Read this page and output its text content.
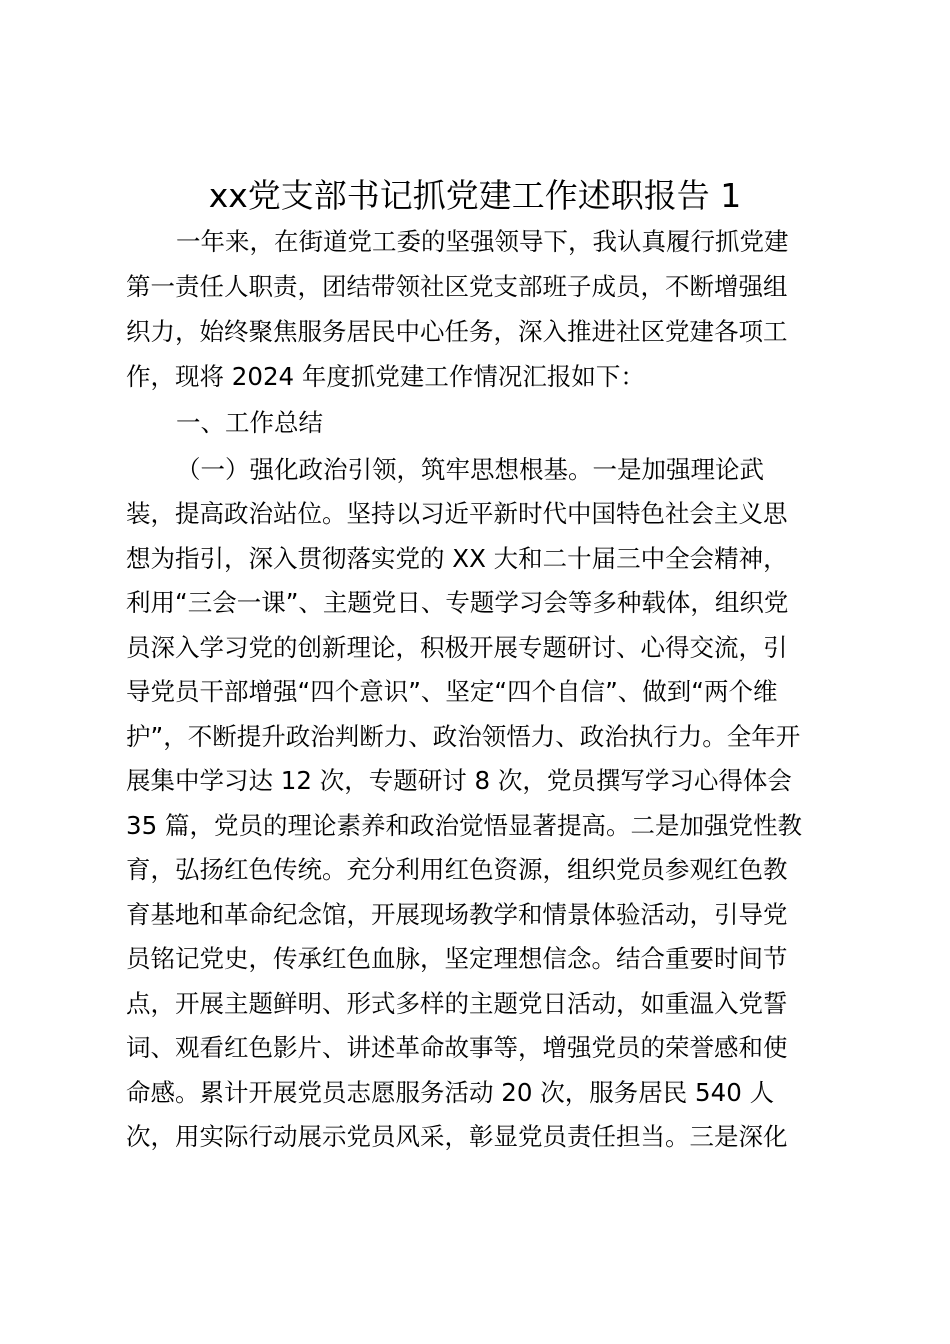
xx党支部书记抓党建工作述职报告 1
一年来，在街道党工委的坚强领导下，我认真履行抓党建
第一责任人职责，团结带领社区党支部班子成员，不断增强组
织力，始终聚焦服务居民中心任务，深入推进社区党建各项工
作，现将 2024 年度抓党建工作情况汇报如下：
一、工作总结
（一）强化政治引领，筑牢思想根基。一是加强理论武
装，提高政治站位。坚持以习近平新时代中国特色社会主义思
想为指引，深入贯彻落实党的 XX 大和二十届三中全会精神，
利用“三会一课”、主题党日、专题学习会等多种载体，组织党
员深入学习党的创新理论，积极开展专题研讨、心得交流，引
导党员干部增强“四个意识”、坚定“四个自信”、做到“两个维
护”，不断提升政治判断力、政治领悟力、政治执行力。全年开
展集中学习达 12 次，专题研讨 8 次，党员撰写学习心得体会
35 篇，党员的理论素养和政治觉悟显著提高。二是加强党性教
育，弘扬红色传统。充分利用红色资源，组织党员参观红色教
育基地和革命纪念馆，开展现场教学和情景体验活动，引导党
员铭记党史，传承红色血脉，坚定理想信念。结合重要时间节
点，开展主题鲜明、形式多样的主题党日活动，如重温入党誓
词、观看红色影片、讲述革命故事等，增强党员的荣誉感和使
命感。累计开展党员志愿服务活动 20 次，服务居民 540 人
次，用实际行动展示党员风采，彰显党员责任担当。三是深化
